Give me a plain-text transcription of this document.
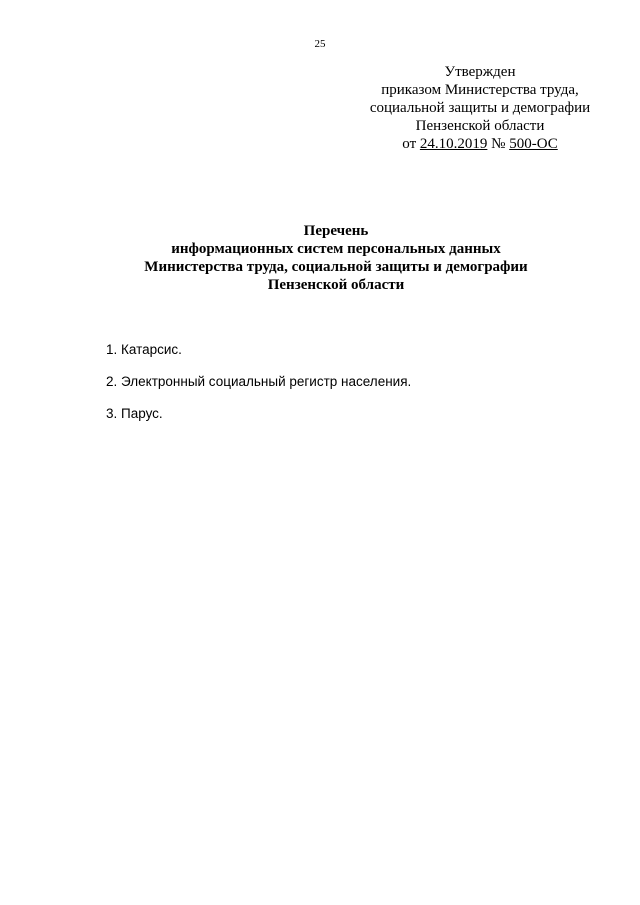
25
Утвержден
приказом Министерства труда,
социальной защиты и демографии
Пензенской области
от 24.10.2019 № 500-ОС
Перечень
информационных систем персональных данных
Министерства труда, социальной защиты и демографии
Пензенской области
1. Катарсис.
2. Электронный социальный регистр населения.
3. Парус.
